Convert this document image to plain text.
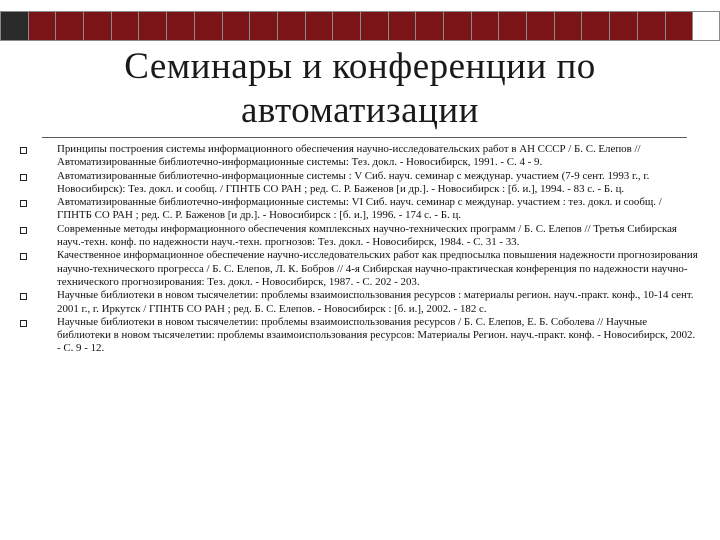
Семинары и конференции по
автоматизации
Принципы построения системы информационного обеспечения научно-исследовательских работ в АН СССР / Б. С. Елепов // Автоматизированные библиотечно-информационные системы: Тез. докл. - Новосибирск, 1991. - С. 4 - 9.
Автоматизированные библиотечно-информационные системы : V Сиб. науч. семинар с междунар. участием (7-9 сент. 1993 г., г. Новосибирск): Тез. докл. и сообщ. / ГПНТБ СО РАН ; ред. С. Р. Баженов [и др.]. - Новосибирск : [б. и.], 1994. - 83 с. - Б. ц.
Автоматизированные библиотечно-информационные системы: VI Сиб. науч. семинар с междунар. участием : тез. докл. и сообщ. / ГПНТБ СО РАН ; ред. С. Р. Баженов [и др.]. - Новосибирск : [б. и.], 1996. - 174 с. - Б. ц.
Современные методы информационного обеспечения комплексных научно-технических программ / Б. С. Елепов // Третья Сибирская науч.-техн. конф. по надежности науч.-техн. прогнозов: Тез. докл. - Новосибирск, 1984. - С. 31 - 33.
Качественное информационное обеспечение научно-исследовательских работ как предпосылка повышения надежности прогнозирования научно-технического прогресса / Б. С. Елепов, Л. К. Бобров // 4-я Сибирская научно-практическая конференция по надежности научно-технического прогнозирования: Тез. докл. - Новосибирск, 1987. - С. 202 - 203.
Научные библиотеки в новом тысячелетии: проблемы взаимоиспользования ресурсов : материалы регион. науч.-практ. конф., 10-14 сент. 2001 г., г. Иркутск / ГПНТБ СО РАН ; ред. Б. С. Елепов. - Новосибирск : [б. и.], 2002. - 182 с.
Научные библиотеки в новом тысячелетии: проблемы взаимоиспользования ресурсов / Б. С. Елепов, Е. Б. Соболева // Научные библиотеки в новом тысячелетии: проблемы взаимоиспользования ресурсов: Материалы Регион. науч.-практ. конф. - Новосибирск, 2002. - С. 9 - 12.
